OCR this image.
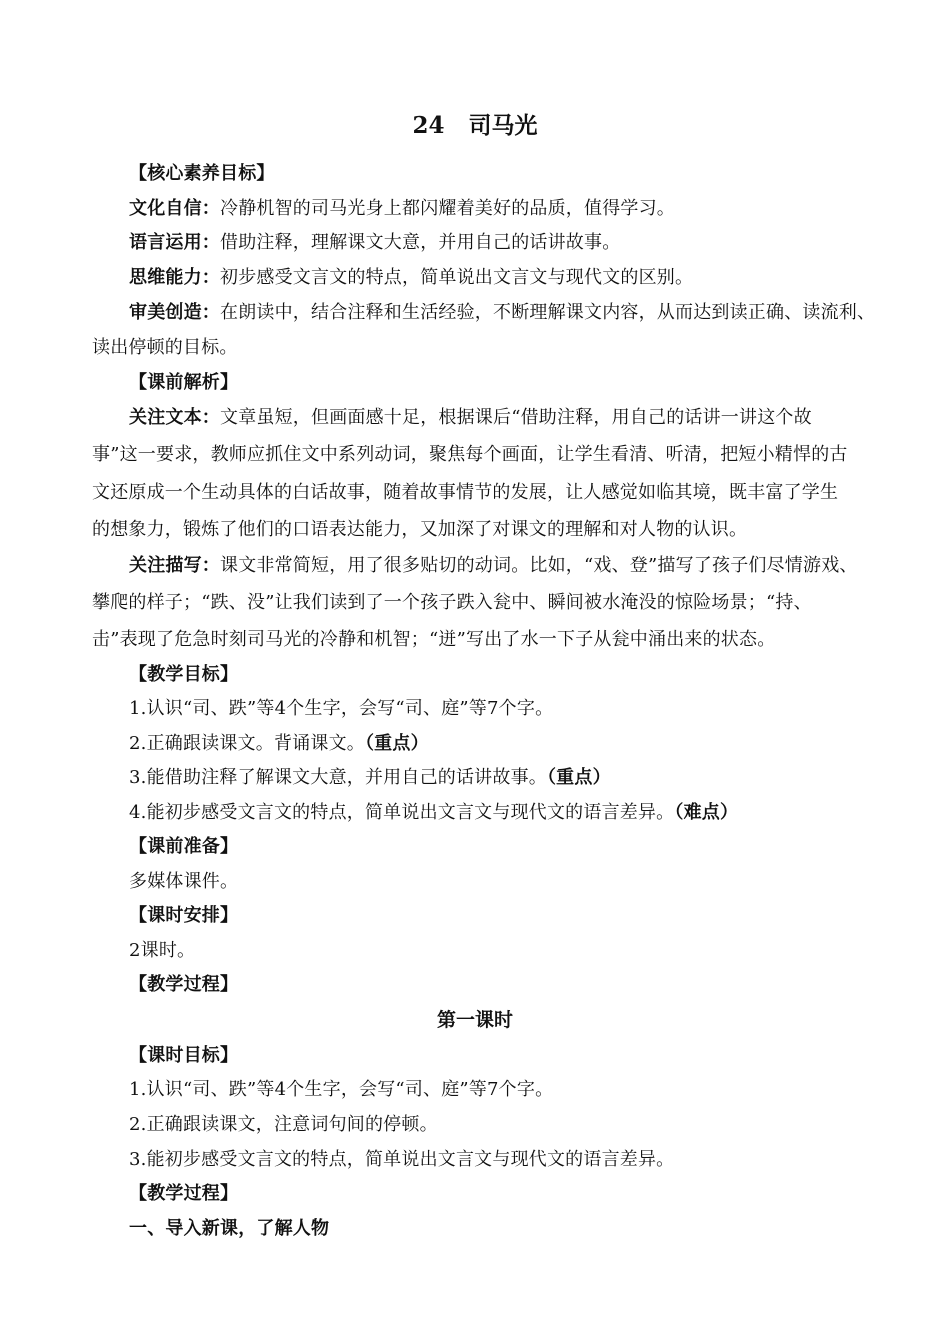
24 司马光
【核心素养目标】
文化自信：冷静机智的司马光身上都闪耀着美好的品质，值得学习。
语言运用：借助注释，理解课文大意，并用自己的话讲故事。
思维能力：初步感受文言文的特点，简单说出文言文与现代文的区别。
审美创造：在朗读中，结合注释和生活经验，不断理解课文内容，从而达到读正确、读流利、
读出停顿的目标。
【课前解析】
关注文本：文章虽短，但画面感十足，根据课后“借助注释，用自己的话讲一讲这个故
事”这一要求，教师应抓住文中系列动词，聚焦每个画面，让学生看清、听清，把短小精悍的古
文还原成一个生动具体的白话故事，随着故事情节的发展，让人感觉如临其境，既丰富了学生
的想象力，锻炼了他们的口语表达能力，又加深了对课文的理解和对人物的认识。
关注描写：课文非常简短，用了很多贴切的动词。比如，“戏、登”描写了孩子们尽情游戏、
攀爬的样子；“跌、没”让我们读到了一个孩子跌入瓮中、瞬间被水淹没的惊险场景；“持、
击”表现了危急时刻司马光的冷静和机智；“迸”写出了水一下子从瓮中涌出来的状态。
【教学目标】
1.认识“司、跌”等4个生字，会写“司、庭”等7个字。
2.正确跟读课文。背诵课文。（重点）
3.能借助注释了解课文大意，并用自己的话讲故事。（重点）
4.能初步感受文言文的特点，简单说出文言文与现代文的语言差异。（难点）
【课前准备】
多媒体课件。
【课时安排】
2课时。
【教学过程】
第一课时
【课时目标】
1.认识“司、跌”等4个生字，会写“司、庭”等7个字。
2.正确跟读课文，注意词句间的停顿。
3.能初步感受文言文的特点，简单说出文言文与现代文的语言差异。
【教学过程】
一、导入新课，了解人物
